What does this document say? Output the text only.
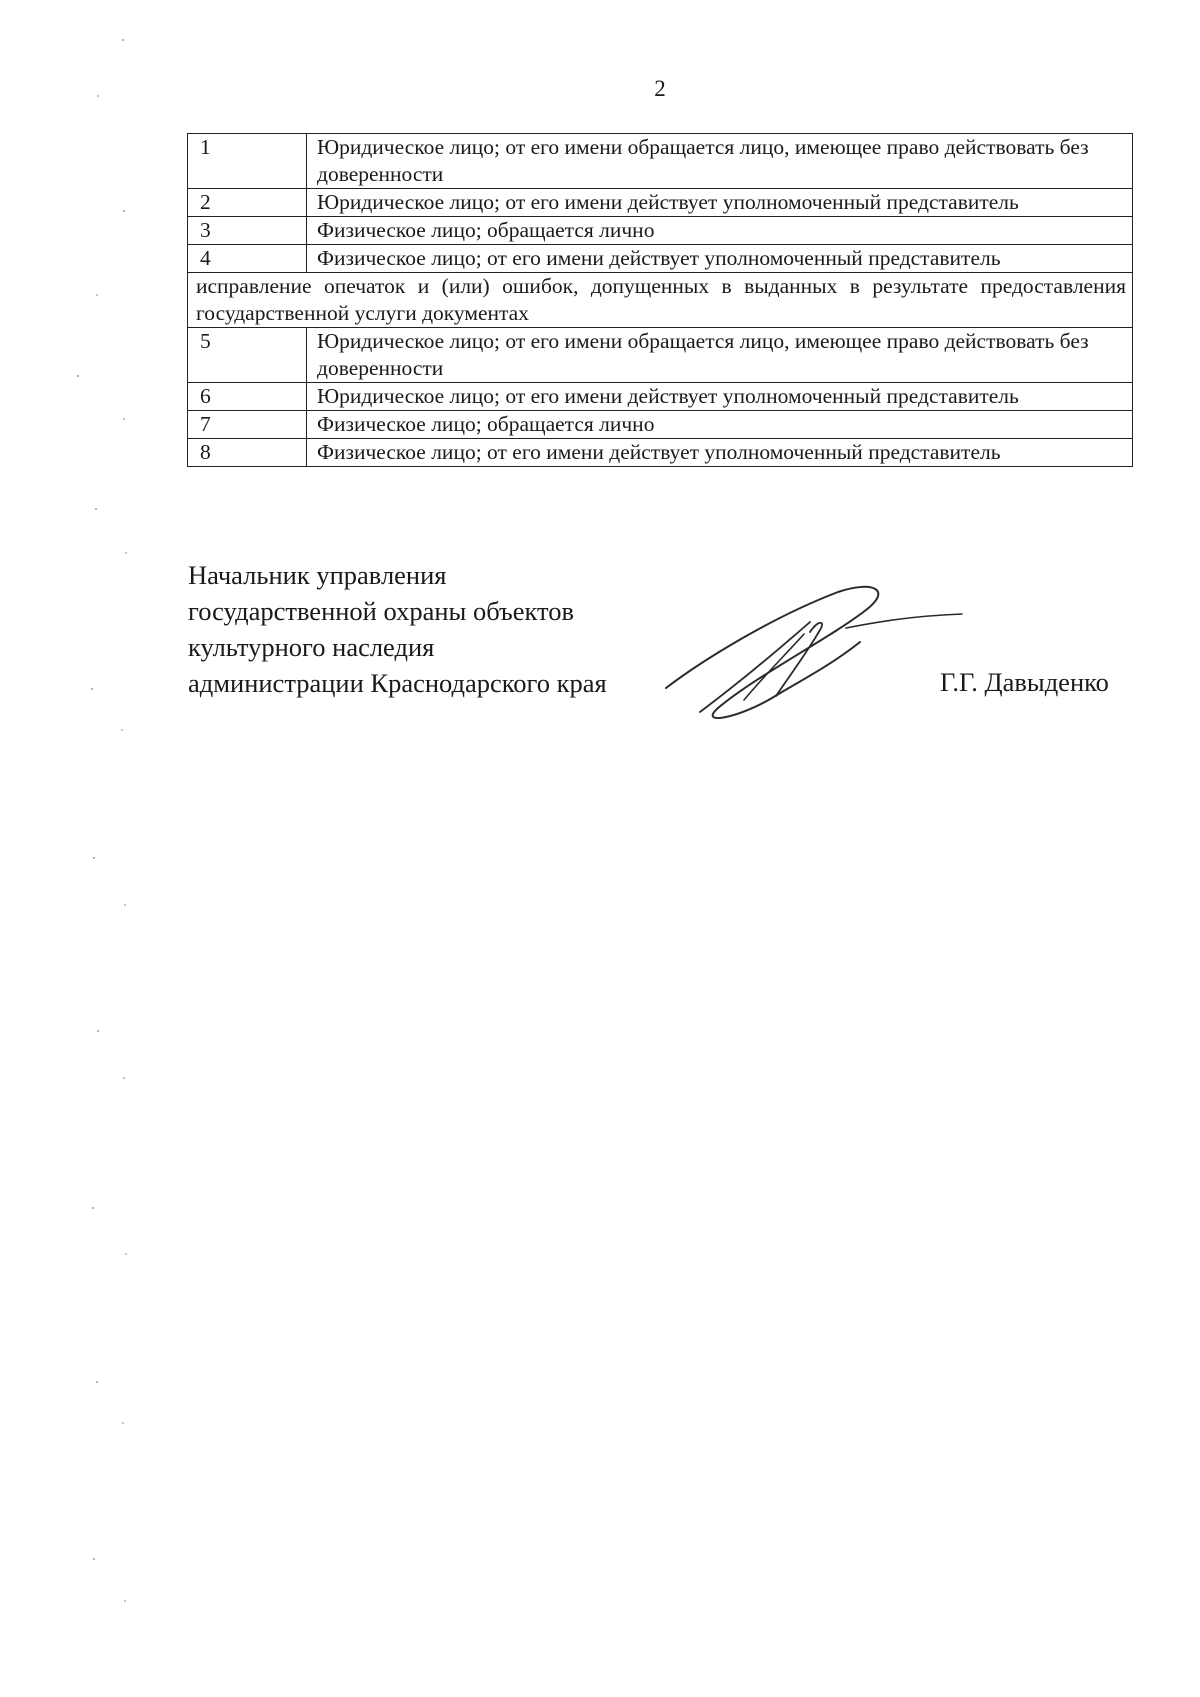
2
1	Юридическое лицо; от его имени обращается лицо, имеющее право действовать без доверенности
2	Юридическое лицо; от его имени действует уполномоченный представитель
3	Физическое лицо; обращается лично
4	Физическое лицо; от его имени действует уполномоченный представитель
исправление опечаток и (или) ошибок, допущенных в выданных в результате предоставления государственной услуги документах	
5	Юридическое лицо; от его имени обращается лицо, имеющее право действовать без доверенности
6	Юридическое лицо; от его имени действует уполномоченный представитель
7	Физическое лицо; обращается лично
8	Физическое лицо; от его имени действует уполномоченный представитель
Начальник управления
государственной охраны объектов
культурного наследия
администрации Краснодарского края	Г.Г. Давыденко
